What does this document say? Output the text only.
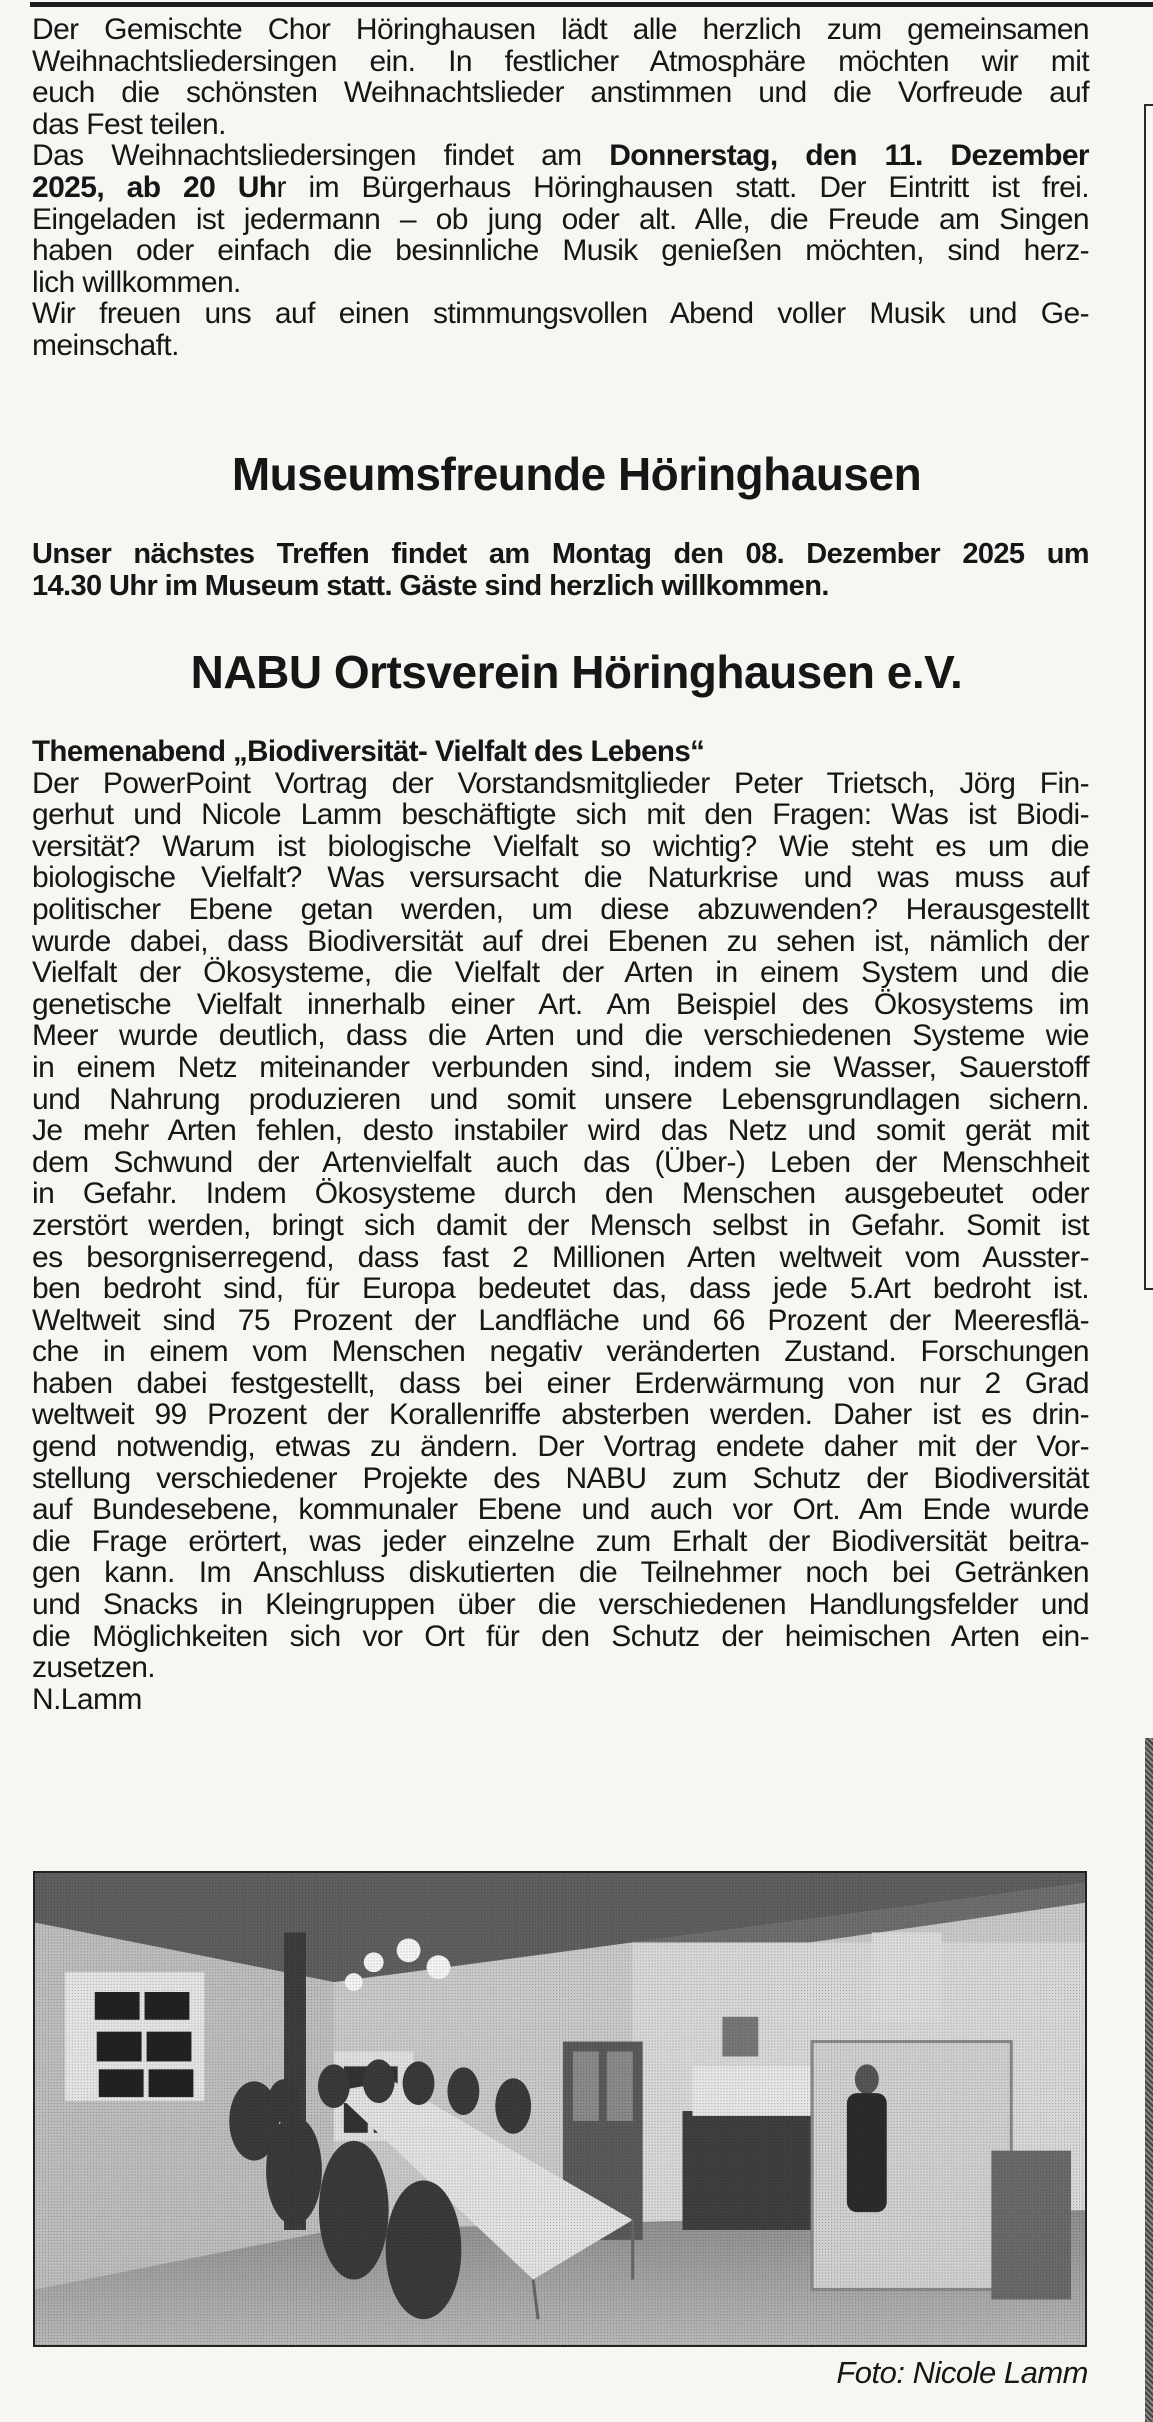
Der Gemischte Chor Höringhausen lädt alle herzlich zum gemeinsamen
Weihnachtsliedersingen ein. In festlicher Atmosphäre möchten wir mit
euch die schönsten Weihnachtslieder anstimmen und die Vorfreude auf
das Fest teilen.
Das Weihnachtsliedersingen findet am Donnerstag, den 11. Dezember
2025, ab 20 Uhr im Bürgerhaus Höringhausen statt. Der Eintritt ist frei.
Eingeladen ist jedermann – ob jung oder alt. Alle, die Freude am Singen
haben oder einfach die besinnliche Musik genießen möchten, sind herz-
lich willkommen.
Wir freuen uns auf einen stimmungsvollen Abend voller Musik und Ge-
meinschaft.
Museumsfreunde Höringhausen
Unser nächstes Treffen findet am Montag den 08. Dezember 2025 um
14.30 Uhr im Museum statt. Gäste sind herzlich willkommen.
NABU Ortsverein Höringhausen e.V.
Themenabend „Biodiversität- Vielfalt des Lebens“
Der PowerPoint Vortrag der Vorstandsmitglieder Peter Trietsch, Jörg Fin-
gerhut und Nicole Lamm beschäftigte sich mit den Fragen: Was ist Biodi-
versität? Warum ist biologische Vielfalt so wichtig? Wie steht es um die
biologische Vielfalt? Was versursacht die Naturkrise und was muss auf
politischer Ebene getan werden, um diese abzuwenden? Herausgestellt
wurde dabei, dass Biodiversität auf drei Ebenen zu sehen ist, nämlich der
Vielfalt der Ökosysteme, die Vielfalt der Arten in einem System und die
genetische Vielfalt innerhalb einer Art. Am Beispiel des Ökosystems im
Meer wurde deutlich, dass die Arten und die verschiedenen Systeme wie
in einem Netz miteinander verbunden sind, indem sie Wasser, Sauerstoff
und Nahrung produzieren und somit unsere Lebensgrundlagen sichern.
Je mehr Arten fehlen, desto instabiler wird das Netz und somit gerät mit
dem Schwund der Artenvielfalt auch das (Über-) Leben der Menschheit
in Gefahr. Indem Ökosysteme durch den Menschen ausgebeutet oder
zerstört werden, bringt sich damit der Mensch selbst in Gefahr. Somit ist
es besorgniserregend, dass fast 2 Millionen Arten weltweit vom Ausster-
ben bedroht sind, für Europa bedeutet das, dass jede 5.Art bedroht ist.
Weltweit sind 75 Prozent der Landfläche und 66 Prozent der Meeresflä-
che in einem vom Menschen negativ veränderten Zustand. Forschungen
haben dabei festgestellt, dass bei einer Erderwärmung von nur 2 Grad
weltweit 99 Prozent der Korallenriffe absterben werden. Daher ist es drin-
gend notwendig, etwas zu ändern. Der Vortrag endete daher mit der Vor-
stellung verschiedener Projekte des NABU zum Schutz der Biodiversität
auf Bundesebene, kommunaler Ebene und auch vor Ort. Am Ende wurde
die Frage erörtert, was jeder einzelne zum Erhalt der Biodiversität beitra-
gen kann. Im Anschluss diskutierten die Teilnehmer noch bei Getränken
und Snacks in Kleingruppen über die verschiedenen Handlungsfelder und
die Möglichkeiten sich vor Ort für den Schutz der heimischen Arten ein-
zusetzen.
N.Lamm
Foto: Nicole Lamm
